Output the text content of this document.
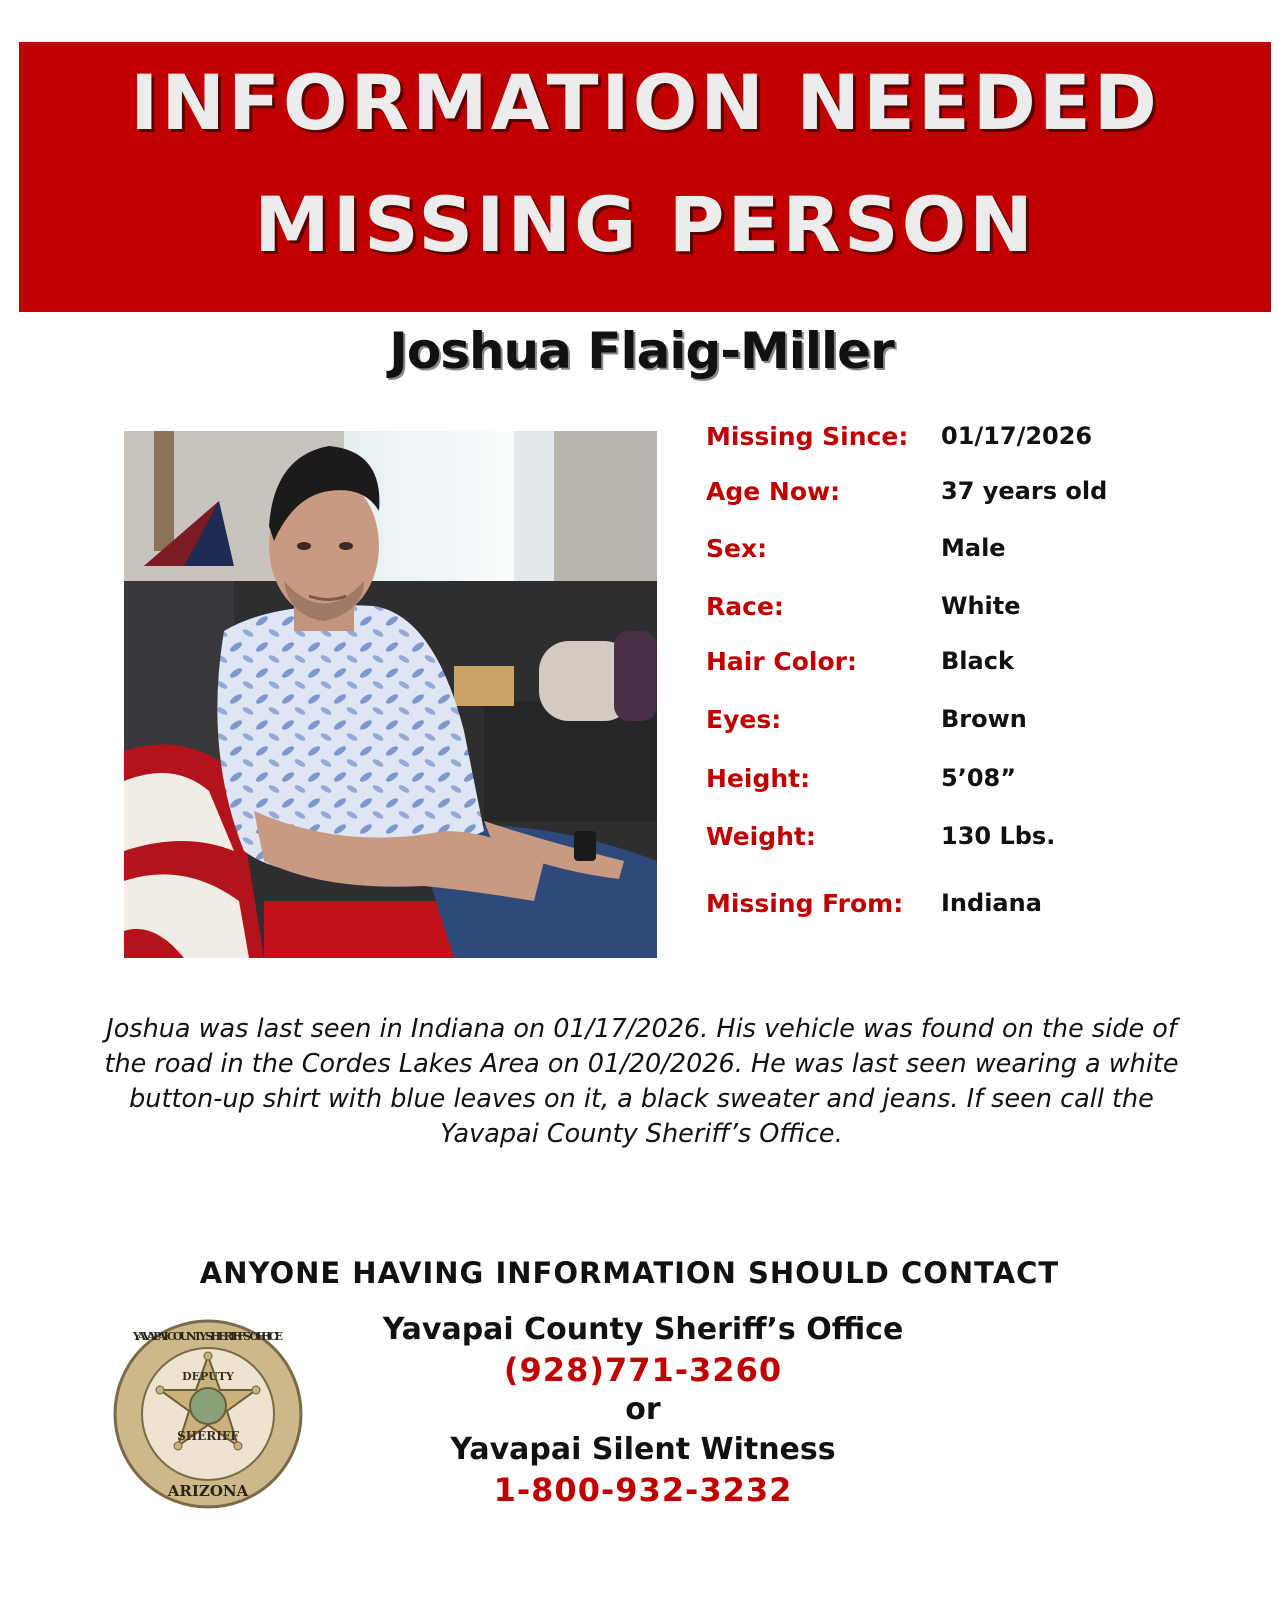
INFORMATION NEEDED
MISSING PERSON
Joshua Flaig-Miller
Missing Since: 01/17/2026
Age Now:	37 years old
Sex:	Male
Race:	White
Hair Color:	Black
Eyes:	Brown
Height:	5’08”
Weight:	130 Lbs.
Missing From: Indiana
Joshua was last seen in Indiana on 01/17/2026. His vehicle was found on the side of
the road in the Cordes Lakes Area on 01/20/2026. He was last seen wearing a white
button-up shirt with blue leaves on it, a black sweater and jeans. If seen call the
Yavapai County Sheriff’s Office.
ANYONE HAVING INFORMATION SHOULD CONTACT
DEPUTY
SHERIFF
YAVAPAI COUNTY SHERIFF'S OFFICE
ARIZONA
Yavapai County Sheriff’s Office
(928)771-3260
or
Yavapai Silent Witness
1-800-932-3232
